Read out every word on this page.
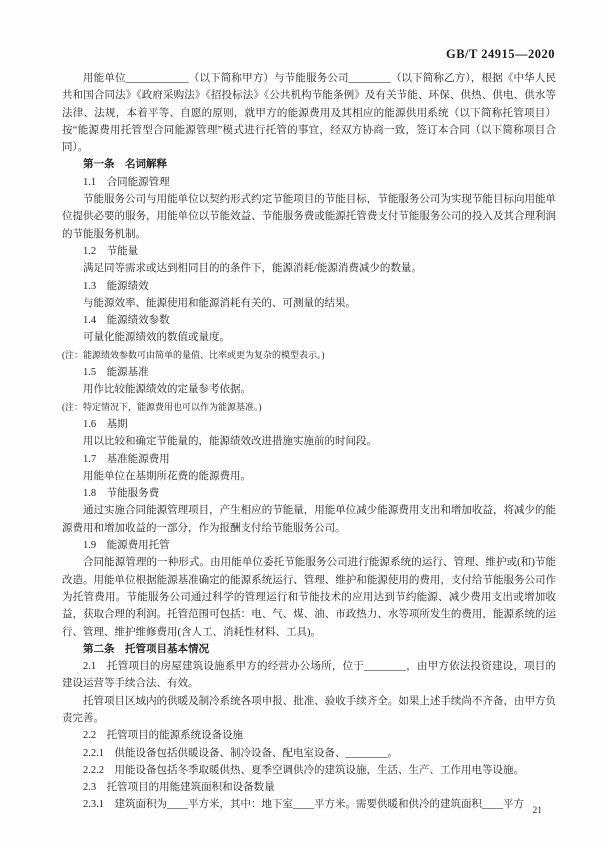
GB/T 24915—2020
用能单位____________（以下简称甲方）与节能服务公司________（以下简称乙方），根据《中华人民共和国合同法》《政府采购法》《招投标法》《公共机构节能条例》及有关节能、环保、供热、供电、供水等法律、法规，本着平等、自愿的原则，就甲方的能源费用及其相应的能源供用系统（以下简称托管项目）按“能源费用托管型合同能源管理”模式进行托管的事宜，经双方协商一致，签订本合同（以下简称项目合同）。
第一条　名词解释
1.1　合同能源管理
节能服务公司与用能单位以契约形式约定节能项目的节能目标，节能服务公司为实现节能目标向用能单位提供必要的服务，用能单位以节能效益、节能服务费或能源托管费支付节能服务公司的投入及其合理利润的节能服务机制。
1.2　节能量
满足同等需求或达到相同目的的条件下，能源消耗/能源消费减少的数量。
1.3　能源绩效
与能源效率、能源使用和能源消耗有关的、可测量的结果。
1.4　能源绩效参数
可量化能源绩效的数值或量度。
(注：能源绩效参数可由简单的量值、比率或更为复杂的模型表示。)
1.5　能源基准
用作比较能源绩效的定量参考依据。
(注：特定情况下，能源费用也可以作为能源基准。)
1.6　基期
用以比较和确定节能量的，能源绩效改进措施实施前的时间段。
1.7　基准能源费用
用能单位在基期所花费的能源费用。
1.8　节能服务费
通过实施合同能源管理项目，产生相应的节能量，用能单位减少能源费用支出和增加收益，将减少的能源费用和增加收益的一部分，作为报酬支付给节能服务公司。
1.9　能源费用托管
合同能源管理的一种形式。由用能单位委托节能服务公司进行能源系统的运行、管理、维护或(和)节能改造。用能单位根据能源基准确定的能源系统运行、管理、维护和能源使用的费用，支付给节能服务公司作为托管费用。节能服务公司通过科学的管理运行和节能技术的应用达到节约能源、减少费用支出或增加收益，获取合理的利润。托管范围可包括：电、气、煤、油、市政热力、水等项所发生的费用，能源系统的运行、管理、维护维修费用(含人工、消耗性材料、工具)。
第二条　托管项目基本情况
2.1　托管项目的房屋建筑设施系甲方的经营办公场所，位于________，由甲方依法投资建设，项目的建设运营等手续合法、有效。
托管项目区域内的供暖及制冷系统各项申报、批准、验收手续齐全。如果上述手续尚不齐备，由甲方负责完善。
2.2　托管项目的能源系统设备设施
2.2.1　供能设备包括供暖设备、制冷设备、配电室设备、________。
2.2.2　用能设备包括冬季取暖供热、夏季空调供冷的建筑设施，生活、生产、工作用电等设施。
2.3　托管项目的用能建筑面积和设备数量
2.3.1　建筑面积为____平方米，其中：地下室____平方米。需要供暖和供冷的建筑面积____平方
21
